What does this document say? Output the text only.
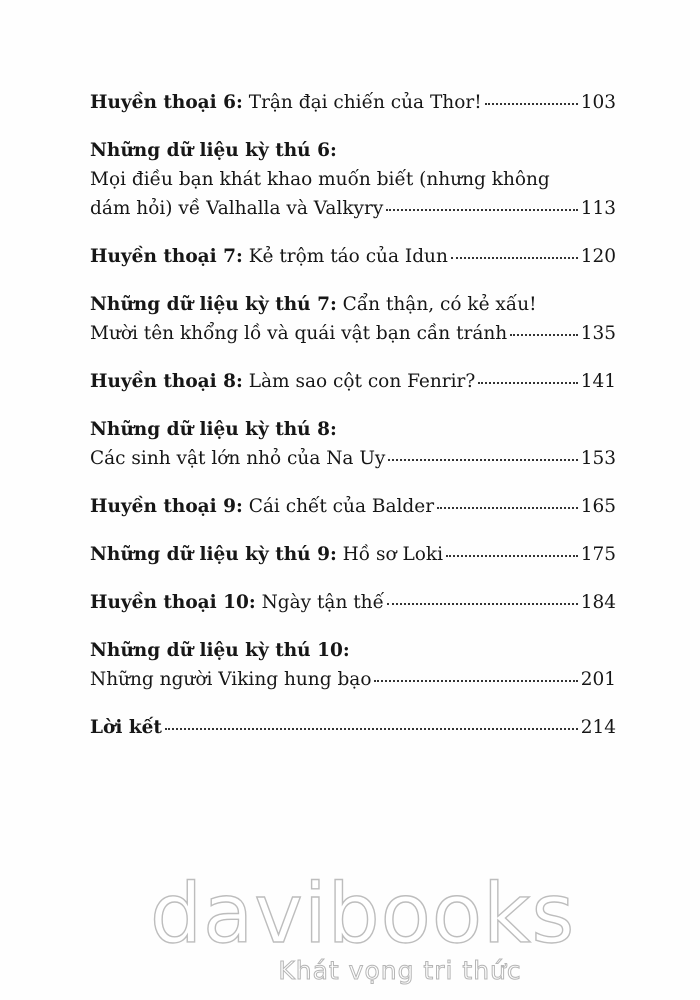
Huyền thoại 6: Trận đại chiến của Thor!	103
Những dữ liệu kỳ thú 6:
Mọi điều bạn khát khao muốn biết (nhưng không
dám hỏi) về Valhalla và Valkyry	113
Huyền thoại 7: Kẻ trộm táo của Idun	120
Những dữ liệu kỳ thú 7: Cẩn thận, có kẻ xấu!
Mười tên khổng lồ và quái vật bạn cần tránh	135
Huyền thoại 8: Làm sao cột con Fenrir?	141
Những dữ liệu kỳ thú 8:
Các sinh vật lớn nhỏ của Na Uy	153
Huyền thoại 9: Cái chết của Balder	165
Những dữ liệu kỳ thú 9: Hồ sơ Loki	175
Huyền thoại 10: Ngày tận thế	184
Những dữ liệu kỳ thú 10:
Những người Viking hung bạo	201
Lời kết	214
davibooks
Khát vọng tri thức
